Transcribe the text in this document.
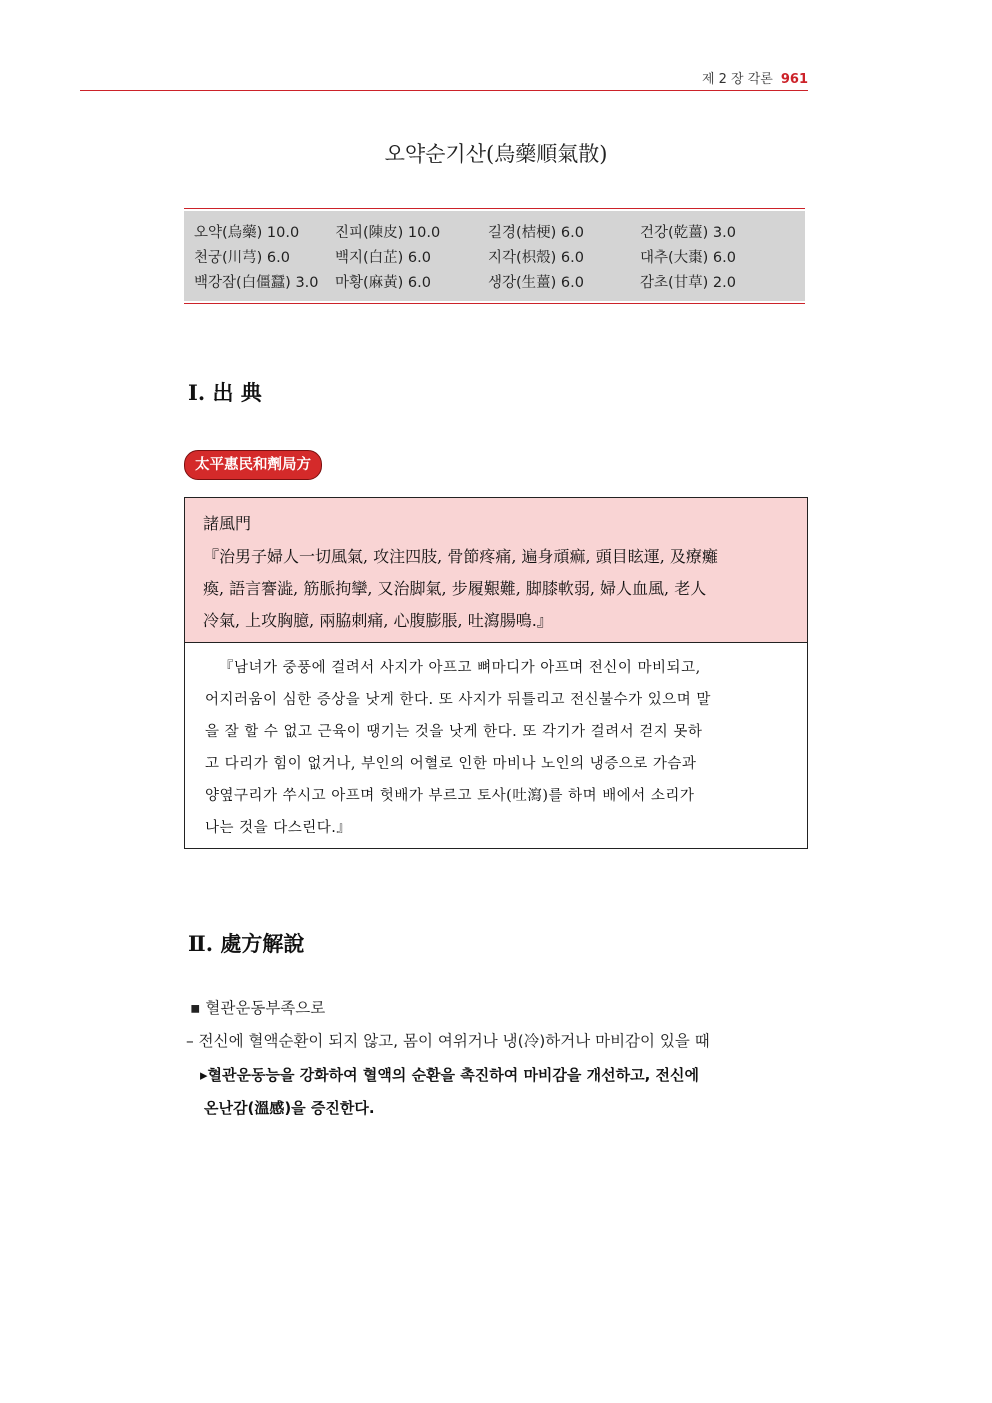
제 2 장 각론 961
오약순기산(烏藥順氣散)
오약(烏藥) 10.0 진피(陳皮) 10.0	길경(桔梗) 6.0	건강(乾薑) 3.0
천궁(川芎) 6.0	백지(白芷) 6.0	지각(枳殼) 6.0	대추(大棗) 6.0
백강잠(白僵蠶) 3.0 마황(麻黃) 6.0	생강(生薑) 6.0	감초(甘草) 2.0
Ⅰ. 出 典
太平惠民和劑局方
諸風門
『治男子婦人一切風氣, 攻注四肢, 骨節疼痛, 遍身頑痲, 頭目眩運, 及療癱
瘓, 語言謇澁, 筋脈拘攣, 又治脚氣, 步履艱難, 脚膝軟弱, 婦人血風, 老人
冷氣, 上攻胸臆, 兩脇刺痛, 心腹膨脹, 吐瀉腸鳴.』
『남녀가 중풍에 걸려서 사지가 아프고 뼈마디가 아프며 전신이 마비되고,
어지러움이 심한 증상을 낫게 한다. 또 사지가 뒤틀리고 전신불수가 있으며 말
을 잘 할 수 없고 근육이 땡기는 것을 낫게 한다. 또 각기가 걸려서 걷지 못하
고 다리가 힘이 없거나, 부인의 어혈로 인한 마비나 노인의 냉증으로 가슴과
양옆구리가 쑤시고 아프며 헛배가 부르고 토사(吐瀉)를 하며 배에서 소리가
나는 것을 다스린다.』
Ⅱ. 處方解說
▪ 혈관운동부족으로
– 전신에 혈액순환이 되지 않고, 몸이 여위거나 냉(冷)하거나 마비감이 있을 때
▸혈관운동능을 강화하여 혈액의 순환을 촉진하여 마비감을 개선하고, 전신에
온난감(溫感)을 증진한다.
